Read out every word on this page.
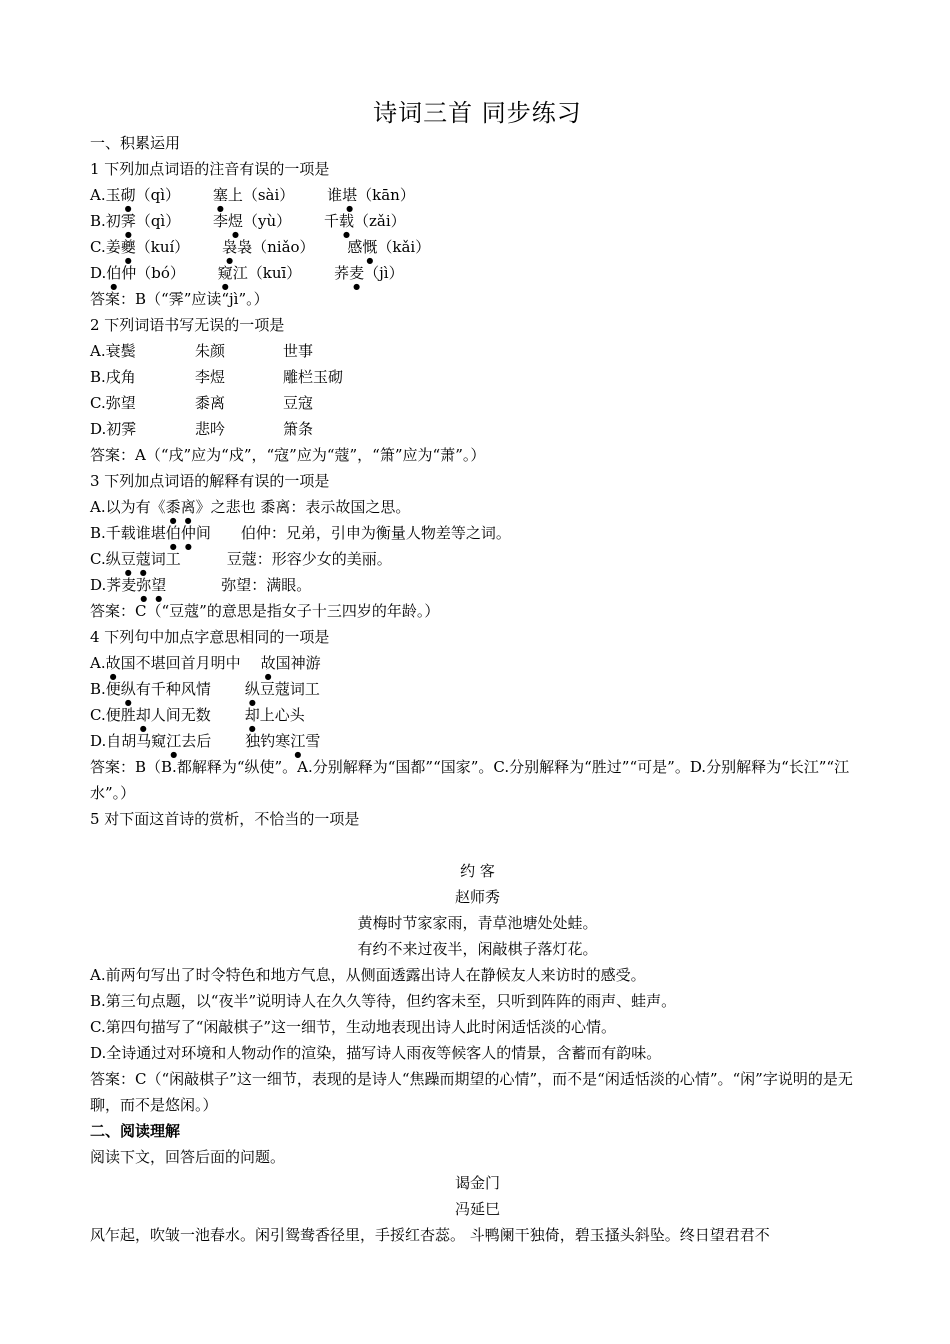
诗词三首 同步练习
一、积累运用
1 下列加点词语的注音有误的一项是
A.玉砌（qì） 塞上（sài） 谁堪（kān）
B.初霁（qì） 李煜（yù） 千载（zǎi）
C.姜夔（kuí） 袅袅（niǎo） 感慨（kǎi）
D.伯仲（bó） 窥江（kuī） 荞麦（jì）
答案：B（“霁”应读“jì”。）
2 下列词语书写无误的一项是
A.衰鬓	朱颜	世事
B.戌角	李煜	雕栏玉砌
C.弥望	黍离	豆寇
D.初霁	悲吟	箫条
答案：A（“戌”应为“戍”，“寇”应为“蔻”，“箫”应为“萧”。）
3 下列加点词语的解释有误的一项是
A.以为有《黍离》之悲也 黍离：表示故国之思。
B.千载谁堪伯仲间 伯仲：兄弟，引申为衡量人物差等之词。
C.纵豆蔻词工	豆蔻：形容少女的美丽。
D.荠麦弥望	弥望：满眼。
答案：C（“豆蔻”的意思是指女子十三四岁的年龄。）
4 下列句中加点字意思相同的一项是
A.故国不堪回首月明中 故国神游
B.便纵有千种风情 纵豆蔻词工
C.便胜却人间无数 却上心头
D.自胡马窥江去后 独钓寒江雪
答案：B（B.都解释为“纵使”。A.分别解释为“国都”“国家”。C.分别解释为“胜过”“可是”。D.分别解释为“长江”“江水”。）
5 对下面这首诗的赏析，不恰当的一项是
约 客
赵师秀
黄梅时节家家雨，青草池塘处处蛙。
有约不来过夜半，闲敲棋子落灯花。
A.前两句写出了时令特色和地方气息，从侧面透露出诗人在静候友人来访时的感受。
B.第三句点题，以“夜半”说明诗人在久久等待，但约客未至，只听到阵阵的雨声、蛙声。
C.第四句描写了“闲敲棋子”这一细节，生动地表现出诗人此时闲适恬淡的心情。
D.全诗通过对环境和人物动作的渲染，描写诗人雨夜等候客人的情景，含蓄而有韵味。
答案：C（“闲敲棋子”这一细节，表现的是诗人“焦躁而期望的心情”，而不是“闲适恬淡的心情”。“闲”字说明的是无聊，而不是悠闲。）
二、阅读理解
阅读下文，回答后面的问题。
谒金门
冯延巳
风乍起，吹皱一池春水。闲引鸳鸯香径里，手挼红杏蕊。 斗鸭阑干独倚，碧玉搔头斜坠。终日望君君不
